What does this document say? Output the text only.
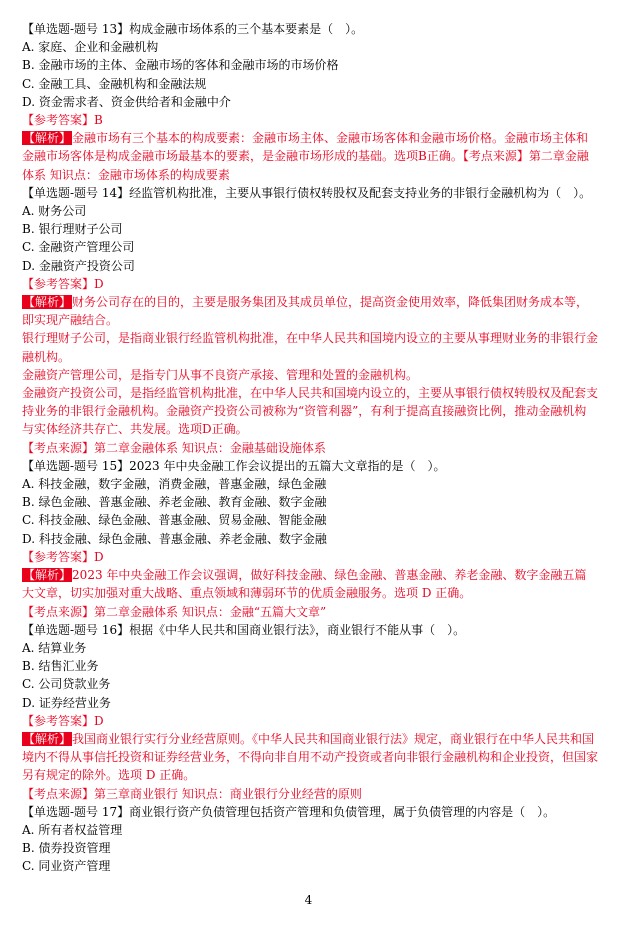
【单选题-题号 13】构成金融市场体系的三个基本要素是（　）。
A. 家庭、企业和金融机构
B. 金融市场的主体、金融市场的客体和金融市场的市场价格
C. 金融工具、金融机构和金融法规
D. 资金需求者、资金供给者和金融中介
【参考答案】B
【解析】金融市场有三个基本的构成要素：金融市场主体、金融市场客体和金融市场价格。金融市场主体和金融市场客体是构成金融市场最基本的要素，是金融市场形成的基础。选项B正确。【考点来源】第二章金融体系 知识点：金融市场体系的构成要素
【单选题-题号 14】经监管机构批准，主要从事银行债权转股权及配套支持业务的非银行金融机构为（　）。
A. 财务公司
B. 银行理财子公司
C. 金融资产管理公司
D. 金融资产投资公司
【参考答案】D
【解析】财务公司存在的目的，主要是服务集团及其成员单位，提高资金使用效率，降低集团财务成本等，即实现产融结合。
银行理财子公司，是指商业银行经监管机构批准，在中华人民共和国境内设立的主要从事理财业务的非银行金融机构。
金融资产管理公司，是指专门从事不良资产承接、管理和处置的金融机构。
金融资产投资公司，是指经监管机构批准，在中华人民共和国境内设立的，主要从事银行债权转股权及配套支持业务的非银行金融机构。金融资产投资公司被称为“资管利器”，有利于提高直接融资比例，推动金融机构与实体经济共存亡、共发展。选项D正确。
【考点来源】第二章金融体系 知识点：金融基础设施体系
【单选题-题号 15】2023 年中央金融工作会议提出的五篇大文章指的是（　）。
A. 科技金融，数字金融，消费金融，普惠金融，绿色金融
B. 绿色金融、普惠金融、养老金融、教育金融、数字金融
C. 科技金融、绿色金融、普惠金融、贸易金融、智能金融
D. 科技金融、绿色金融、普惠金融、养老金融、数字金融
【参考答案】D
【解析】2023 年中央金融工作会议强调，做好科技金融、绿色金融、普惠金融、养老金融、数字金融五篇大文章，切实加强对重大战略、重点领域和薄弱环节的优质金融服务。选项 D 正确。
【考点来源】第二章金融体系 知识点：金融“五篇大文章”
【单选题-题号 16】根据《中华人民共和国商业银行法》，商业银行不能从事（　）。
A. 结算业务
B. 结售汇业务
C. 公司贷款业务
D. 证券经营业务
【参考答案】D
【解析】我国商业银行实行分业经营原则。《中华人民共和国商业银行法》规定，商业银行在中华人民共和国境内不得从事信托投资和证券经营业务，不得向非自用不动产投资或者向非银行金融机构和企业投资，但国家另有规定的除外。选项 D 正确。
【考点来源】第三章商业银行 知识点：商业银行分业经营的原则
【单选题-题号 17】商业银行资产负债管理包括资产管理和负债管理，属于负债管理的内容是（　）。
A. 所有者权益管理
B. 债券投资管理
C. 同业资产管理
4
